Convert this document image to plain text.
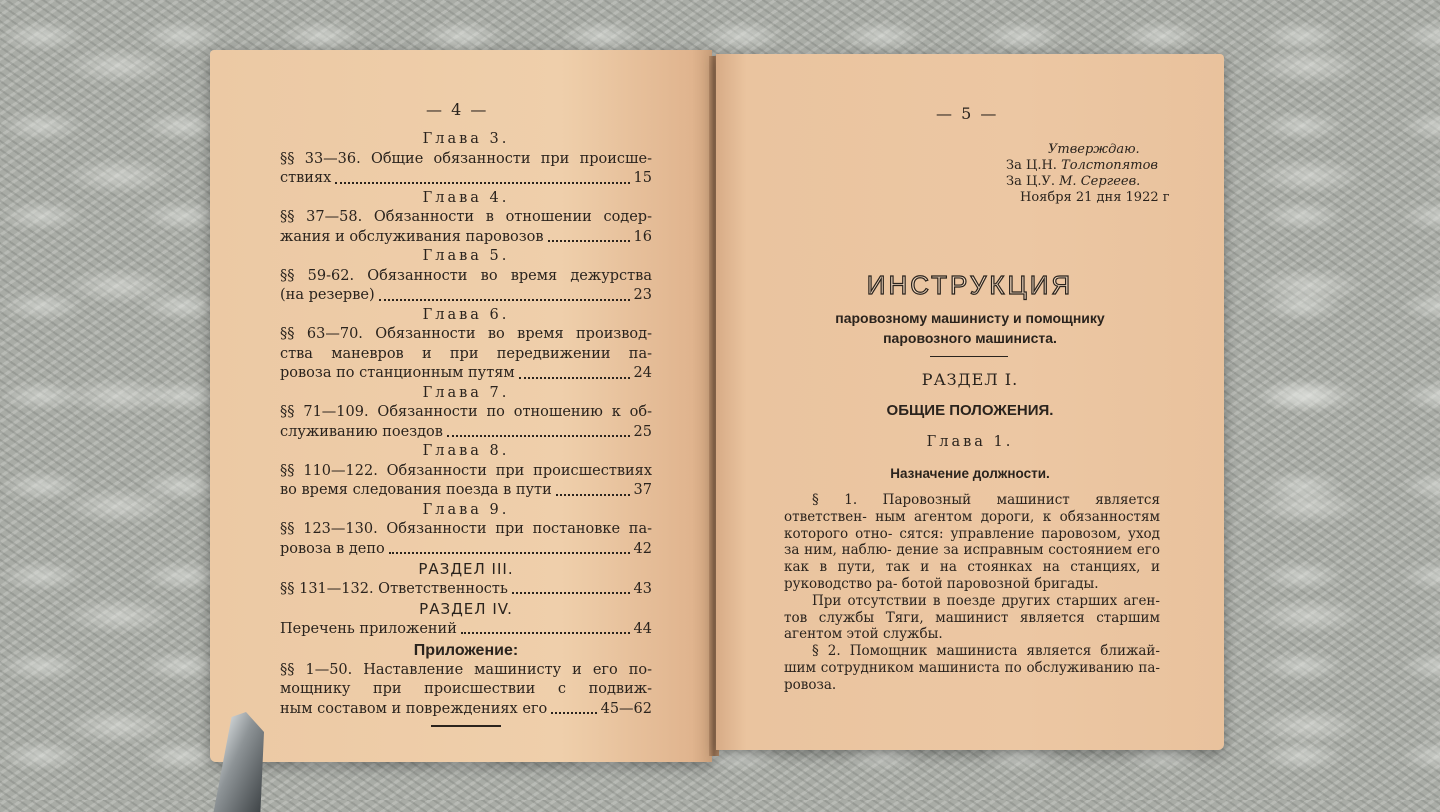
— 4 —
Глава 3.
§§ 33—36. Общие обязанности при происше-
ствиях	15
Глава 4.
§§ 37—58. Обязанности в отношении содер-
жания и обслуживания паровозов	16
Глава 5.
§§ 59-62. Обязанности во время дежурства
(на резерве)	23
Глава 6.
§§ 63—70. Обязанности во время производ-
ства маневров и при передвижении па-
ровоза по станционным путям	24
Глава 7.
§§ 71—109. Обязанности по отношению к об-
служиванию поездов	25
Глава 8.
§§ 110—122. Обязанности при происшествиях
во время следования поезда в пути	37
Глава 9.
§§ 123—130. Обязанности при постановке па-
ровоза в депо	42
РАЗДЕЛ III.
§§ 131—132. Ответственность	43
РАЗДЕЛ IV.
Перечень приложений	44
Приложение:
§§ 1—50. Наставление машинисту и его по-
мощнику при происшествии с подвиж-
ным составом и повреждениях его	45—62
— 5 —
Утверждаю.
За Ц.Н. Толстопятов
За Ц.У. М. Сергеев.
Ноября 21 дня 1922 г
ИНСТРУКЦИЯ
паровозному машинисту и помощнику
паровозного машиниста.
РАЗДЕЛ I.
ОБЩИЕ ПОЛОЖЕНИЯ.
Глава 1.
Назначение должности.

§ 1. Паровозный машинист является ответствен- ным агентом дороги, к обязанностям которого отно- сятся: управление паровозом, уход за ним, наблю- дение за исправным состоянием его как в пути, так и на стоянках на станциях, и руководство ра- ботой паровозной бригады.

При отсутствии в поезде других старших аген- тов службы Тяги, машинист является старшим агентом этой службы.

§ 2. Помощник машиниста является ближай- шим сотрудником машиниста по обслуживанию па- ровоза.
